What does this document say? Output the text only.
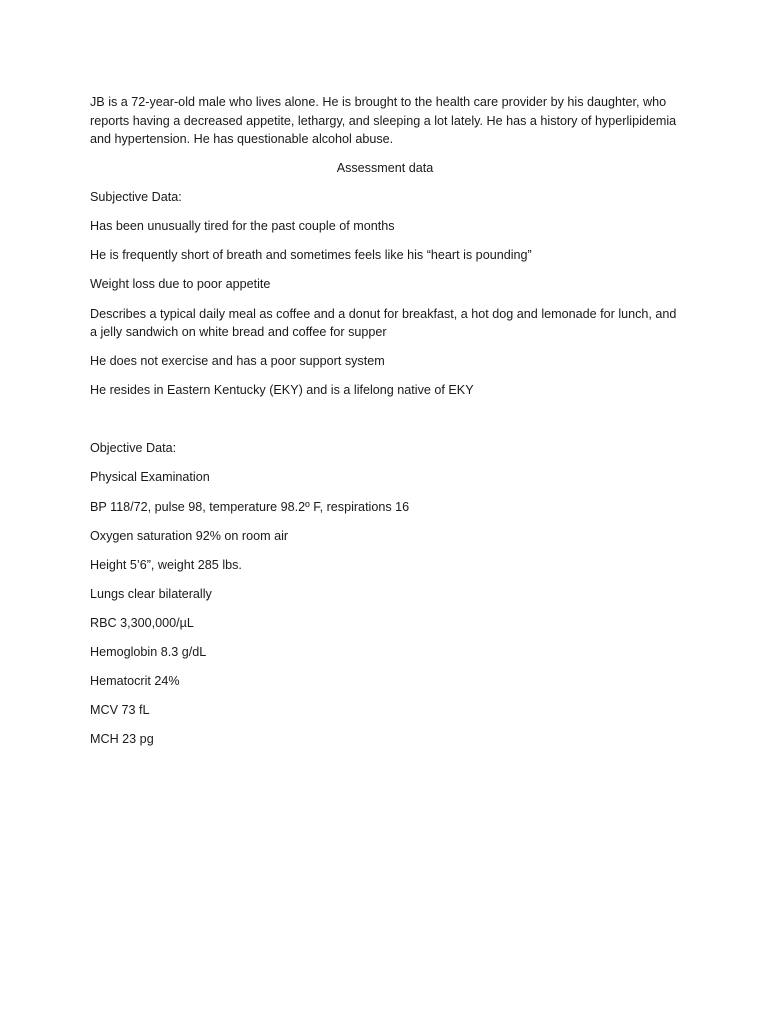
JB is a 72-year-old male who lives alone. He is brought to the health care provider by his daughter, who reports having a decreased appetite, lethargy, and sleeping a lot lately. He has a history of hyperlipidemia and hypertension. He has questionable alcohol abuse.

Assessment data

Subjective Data:

Has been unusually tired for the past couple of months

He is frequently short of breath and sometimes feels like his “heart is pounding”

Weight loss due to poor appetite

Describes a typical daily meal as coffee and a donut for breakfast, a hot dog and lemonade for lunch, and a jelly sandwich on white bread and coffee for supper

He does not exercise and has a poor support system

He resides in Eastern Kentucky (EKY) and is a lifelong native of EKY

Objective Data:

Physical Examination

BP 118/72, pulse 98, temperature 98.2º F, respirations 16

Oxygen saturation 92% on room air

Height 5’6”, weight 285 lbs.

Lungs clear bilaterally

RBC 3,300,000/µL

Hemoglobin 8.3 g/dL

Hematocrit 24%

MCV 73 fL

MCH 23 pg
